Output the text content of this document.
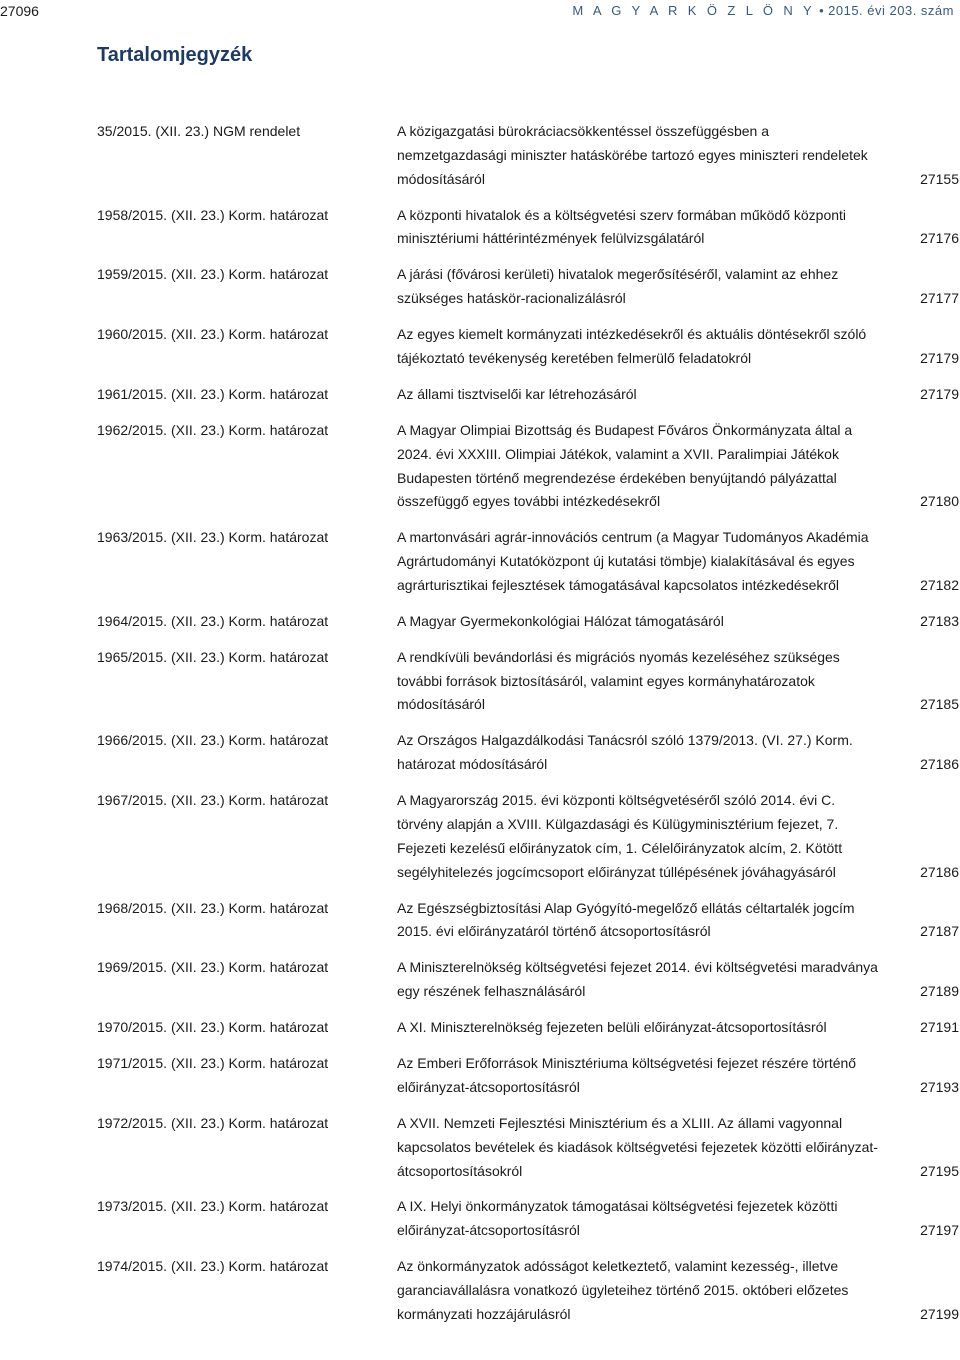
27096	M A G Y A R K Ö Z L Ö N Y • 2015. évi 203. szám
Tartalomjegyzék
35/2015. (XII. 23.) NGM rendelet	A közigazgatási bürokráciacsökkentéssel összefüggésben a nemzetgazdasági miniszter hatáskörébe tartozó egyes miniszteri rendeletek módosításáról	27155
1958/2015. (XII. 23.) Korm. határozat	A központi hivatalok és a költségvetési szerv formában működő központi minisztériumi háttérintézmények felülvizsgálatáról	27176
1959/2015. (XII. 23.) Korm. határozat	A járási (fővárosi kerületi) hivatalok megerősítéséről, valamint az ehhez szükséges hatáskör-racionalizálásról	27177
1960/2015. (XII. 23.) Korm. határozat	Az egyes kiemelt kormányzati intézkedésekről és aktuális döntésekről szóló tájékoztató tevékenység keretében felmerülő feladatokról	27179
1961/2015. (XII. 23.) Korm. határozat	Az állami tisztviselői kar létrehozásáról	27179
1962/2015. (XII. 23.) Korm. határozat	A Magyar Olimpiai Bizottság és Budapest Főváros Önkormányzata által a 2024. évi XXXIII. Olimpiai Játékok, valamint a XVII. Paralimpiai Játékok Budapesten történő megrendezése érdekében benyújtandó pályázattal összefüggő egyes további intézkedésekről	27180
1963/2015. (XII. 23.) Korm. határozat	A martonvásári agrár-innovációs centrum (a Magyar Tudományos Akadémia Agrártudományi Kutatóközpont új kutatási tömbje) kialakításával és egyes agrárturisztikai fejlesztések támogatásával kapcsolatos intézkedésekről	27182
1964/2015. (XII. 23.) Korm. határozat	A Magyar Gyermekonkológiai Hálózat támogatásáról	27183
1965/2015. (XII. 23.) Korm. határozat	A rendkívüli bevándorlási és migrációs nyomás kezeléséhez szükséges további források biztosításáról, valamint egyes kormányhatározatok módosításáról	27185
1966/2015. (XII. 23.) Korm. határozat	Az Országos Halgazdálkodási Tanácsról szóló 1379/2013. (VI. 27.) Korm. határozat módosításáról	27186
1967/2015. (XII. 23.) Korm. határozat	A Magyarország 2015. évi központi költségvetéséről szóló 2014. évi C. törvény alapján a XVIII. Külgazdasági és Külügyminisztérium fejezet, 7. Fejezeti kezelésű előirányzatok cím, 1. Célelőirányzatok alcím, 2. Kötött segélyhitelezés jogcímcsoport előirányzat túllépésének jóváhagyásáról	27186
1968/2015. (XII. 23.) Korm. határozat	Az Egészségbiztosítási Alap Gyógyító-megelőző ellátás céltartalék jogcím 2015. évi előirányzatáról történő átcsoportosításról	27187
1969/2015. (XII. 23.) Korm. határozat	A Miniszterelnökség költségvetési fejezet 2014. évi költségvetési maradványa egy részének felhasználásáról	27189
1970/2015. (XII. 23.) Korm. határozat	A XI. Miniszterelnökség fejezeten belüli előirányzat-átcsoportosításról	27191
1971/2015. (XII. 23.) Korm. határozat	Az Emberi Erőforrások Minisztériuma költségvetési fejezet részére történő előirányzat-átcsoportosításról	27193
1972/2015. (XII. 23.) Korm. határozat	A XVII. Nemzeti Fejlesztési Minisztérium és a XLIII. Az állami vagyonnal kapcsolatos bevételek és kiadások költségvetési fejezetek közötti előirányzat-átcsoportosításokról	27195
1973/2015. (XII. 23.) Korm. határozat	A IX. Helyi önkormányzatok támogatásai költségvetési fejezetek közötti előirányzat-átcsoportosításról	27197
1974/2015. (XII. 23.) Korm. határozat	Az önkormányzatok adósságot keletkeztető, valamint kezesség-, illetve garanciavállalásra vonatkozó ügyleteihez történő 2015. októberi előzetes kormányzati hozzájárulásról	27199
